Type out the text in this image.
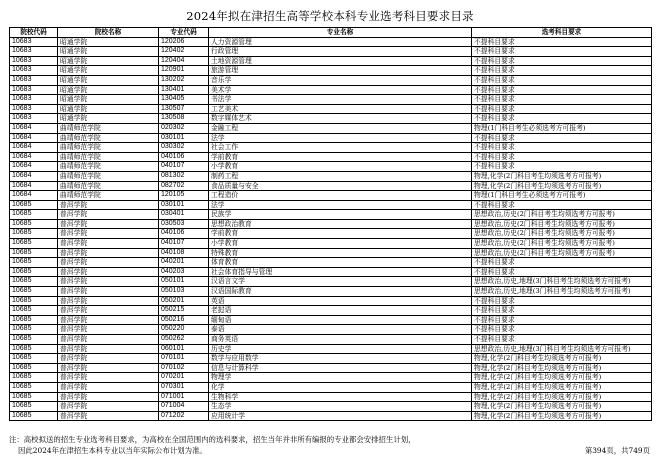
2024年拟在津招生高等学校本科专业选考科目要求目录
院校代码	院校名称	专业代码	专业名称	选考科目要求
10683	昭通学院	120206	人力资源管理	不提科目要求
10683	昭通学院	120402	行政管理	不提科目要求
10683	昭通学院	120404	土地资源管理	不提科目要求
10683	昭通学院	120901	旅游管理	不提科目要求
10683	昭通学院	130202	音乐学	不提科目要求
10683	昭通学院	130401	美术学	不提科目要求
10683	昭通学院	130405	书法学	不提科目要求
10683	昭通学院	130507	工艺美术	不提科目要求
10683	昭通学院	130508	数字媒体艺术	不提科目要求
10684	曲靖师范学院	020302	金融工程	物理(1门科目考生必须选考方可报考)
10684	曲靖师范学院	030101	法学	不提科目要求
10684	曲靖师范学院	030302	社会工作	不提科目要求
10684	曲靖师范学院	040106	学前教育	不提科目要求
10684	曲靖师范学院	040107	小学教育	不提科目要求
10684	曲靖师范学院	081302	制药工程	物理,化学(2门科目考生均须选考方可报考)
10684	曲靖师范学院	082702	食品质量与安全	物理,化学(2门科目考生均须选考方可报考)
10684	曲靖师范学院	120105	工程造价	物理(1门科目考生必须选考方可报考)
10685	普洱学院	030101	法学	不提科目要求
10685	普洱学院	030401	民族学	思想政治,历史(2门科目考生均须选考方可报考)
10685	普洱学院	030503	思想政治教育	思想政治,历史(2门科目考生均须选考方可报考)
10685	普洱学院	040106	学前教育	思想政治,历史(2门科目考生均须选考方可报考)
10685	普洱学院	040107	小学教育	思想政治,历史(2门科目考生均须选考方可报考)
10685	普洱学院	040108	特殊教育	思想政治,历史(2门科目考生均须选考方可报考)
10685	普洱学院	040201	体育教育	不提科目要求
10685	普洱学院	040203	社会体育指导与管理	不提科目要求
10685	普洱学院	050101	汉语言文学	思想政治,历史,地理(3门科目考生均须选考方可报考)
10685	普洱学院	050103	汉语国际教育	思想政治,历史,地理(3门科目考生均须选考方可报考)
10685	普洱学院	050201	英语	不提科目要求
10685	普洱学院	050215	老挝语	不提科目要求
10685	普洱学院	050216	缅甸语	不提科目要求
10685	普洱学院	050220	泰语	不提科目要求
10685	普洱学院	050262	商务英语	不提科目要求
10685	普洱学院	060101	历史学	思想政治,历史,地理(3门科目考生均须选考方可报考)
10685	普洱学院	070101	数学与应用数学	物理,化学(2门科目考生均须选考方可报考)
10685	普洱学院	070102	信息与计算科学	物理,化学(2门科目考生均须选考方可报考)
10685	普洱学院	070201	物理学	物理,化学(2门科目考生均须选考方可报考)
10685	普洱学院	070301	化学	物理,化学(2门科目考生均须选考方可报考)
10685	普洱学院	071001	生物科学	物理,化学(2门科目考生均须选考方可报考)
10685	普洱学院	071004	生态学	物理,化学(2门科目考生均须选考方可报考)
10685	普洱学院	071202	应用统计学	物理,化学(2门科目考生均须选考方可报考)
注：高校拟送的招生专业选考科目要求，为高校在全国范围内的选科要求，招生当年并非所有编报的专业都会安排招生计划，
因此2024年在津招生本科专业以当年实际公布计划为准。	第394页，共749页
